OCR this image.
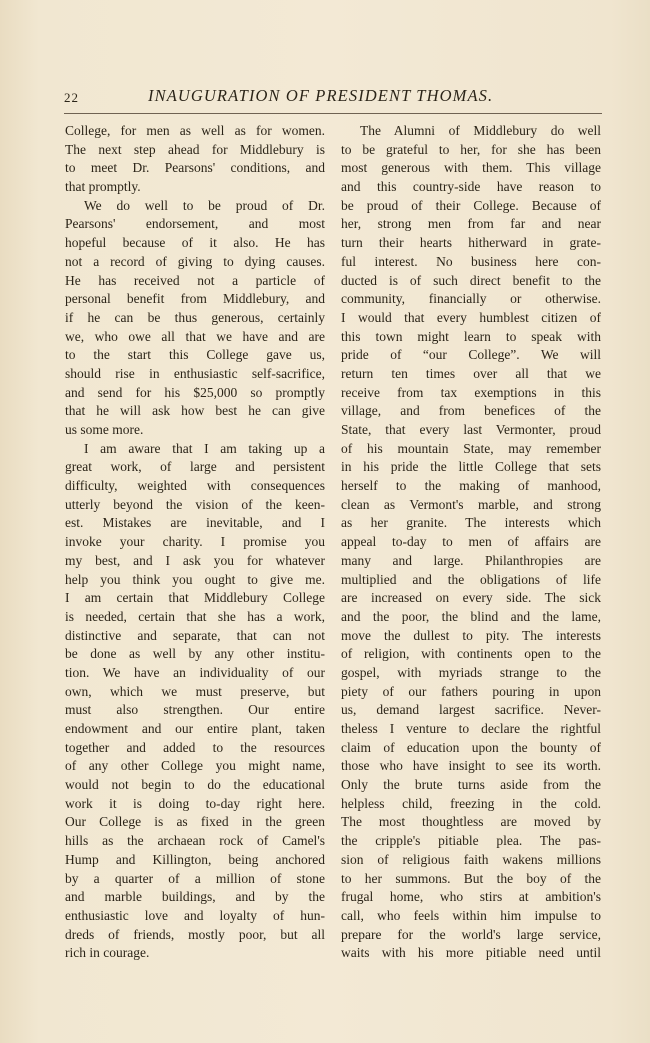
22	INAUGURATION OF PRESIDENT THOMAS.
College, for men as well as for women.
The next step ahead for Middlebury is
to meet Dr. Pearsons' conditions, and
that promptly.
We do well to be proud of Dr.
Pearsons' endorsement, and most
hopeful because of it also. He has
not a record of giving to dying causes.
He has received not a particle of
personal benefit from Middlebury, and
if he can be thus generous, certainly
we, who owe all that we have and are
to the start this College gave us,
should rise in enthusiastic self-sacrifice,
and send for his $25,000 so promptly
that he will ask how best he can give
us some more.
I am aware that I am taking up a
great work, of large and persistent
difficulty, weighted with consequences
utterly beyond the vision of the keen-
est. Mistakes are inevitable, and I
invoke your charity. I promise you
my best, and I ask you for whatever
help you think you ought to give me.
I am certain that Middlebury College
is needed, certain that she has a work,
distinctive and separate, that can not
be done as well by any other institu-
tion. We have an individuality of our
own, which we must preserve, but
must also strengthen. Our entire
endowment and our entire plant, taken
together and added to the resources
of any other College you might name,
would not begin to do the educational
work it is doing to-day right here.
Our College is as fixed in the green
hills as the archaean rock of Camel's
Hump and Killington, being anchored
by a quarter of a million of stone
and marble buildings, and by the
enthusiastic love and loyalty of hun-
dreds of friends, mostly poor, but all
rich in courage.
The Alumni of Middlebury do well
to be grateful to her, for she has been
most generous with them. This village
and this country-side have reason to
be proud of their College. Because of
her, strong men from far and near
turn their hearts hitherward in grate-
ful interest. No business here con-
ducted is of such direct benefit to the
community, financially or otherwise.
I would that every humblest citizen of
this town might learn to speak with
pride of “our College”. We will
return ten times over all that we
receive from tax exemptions in this
village, and from benefices of the
State, that every last Vermonter, proud
of his mountain State, may remember
in his pride the little College that sets
herself to the making of manhood,
clean as Vermont's marble, and strong
as her granite. The interests which
appeal to-day to men of affairs are
many and large. Philanthropies are
multiplied and the obligations of life
are increased on every side. The sick
and the poor, the blind and the lame,
move the dullest to pity. The interests
of religion, with continents open to the
gospel, with myriads strange to the
piety of our fathers pouring in upon
us, demand largest sacrifice. Never-
theless I venture to declare the rightful
claim of education upon the bounty of
those who have insight to see its worth.
Only the brute turns aside from the
helpless child, freezing in the cold.
The most thoughtless are moved by
the cripple's pitiable plea. The pas-
sion of religious faith wakens millions
to her summons. But the boy of the
frugal home, who stirs at ambition's
call, who feels within him impulse to
prepare for the world's large service,
waits with his more pitiable need until
